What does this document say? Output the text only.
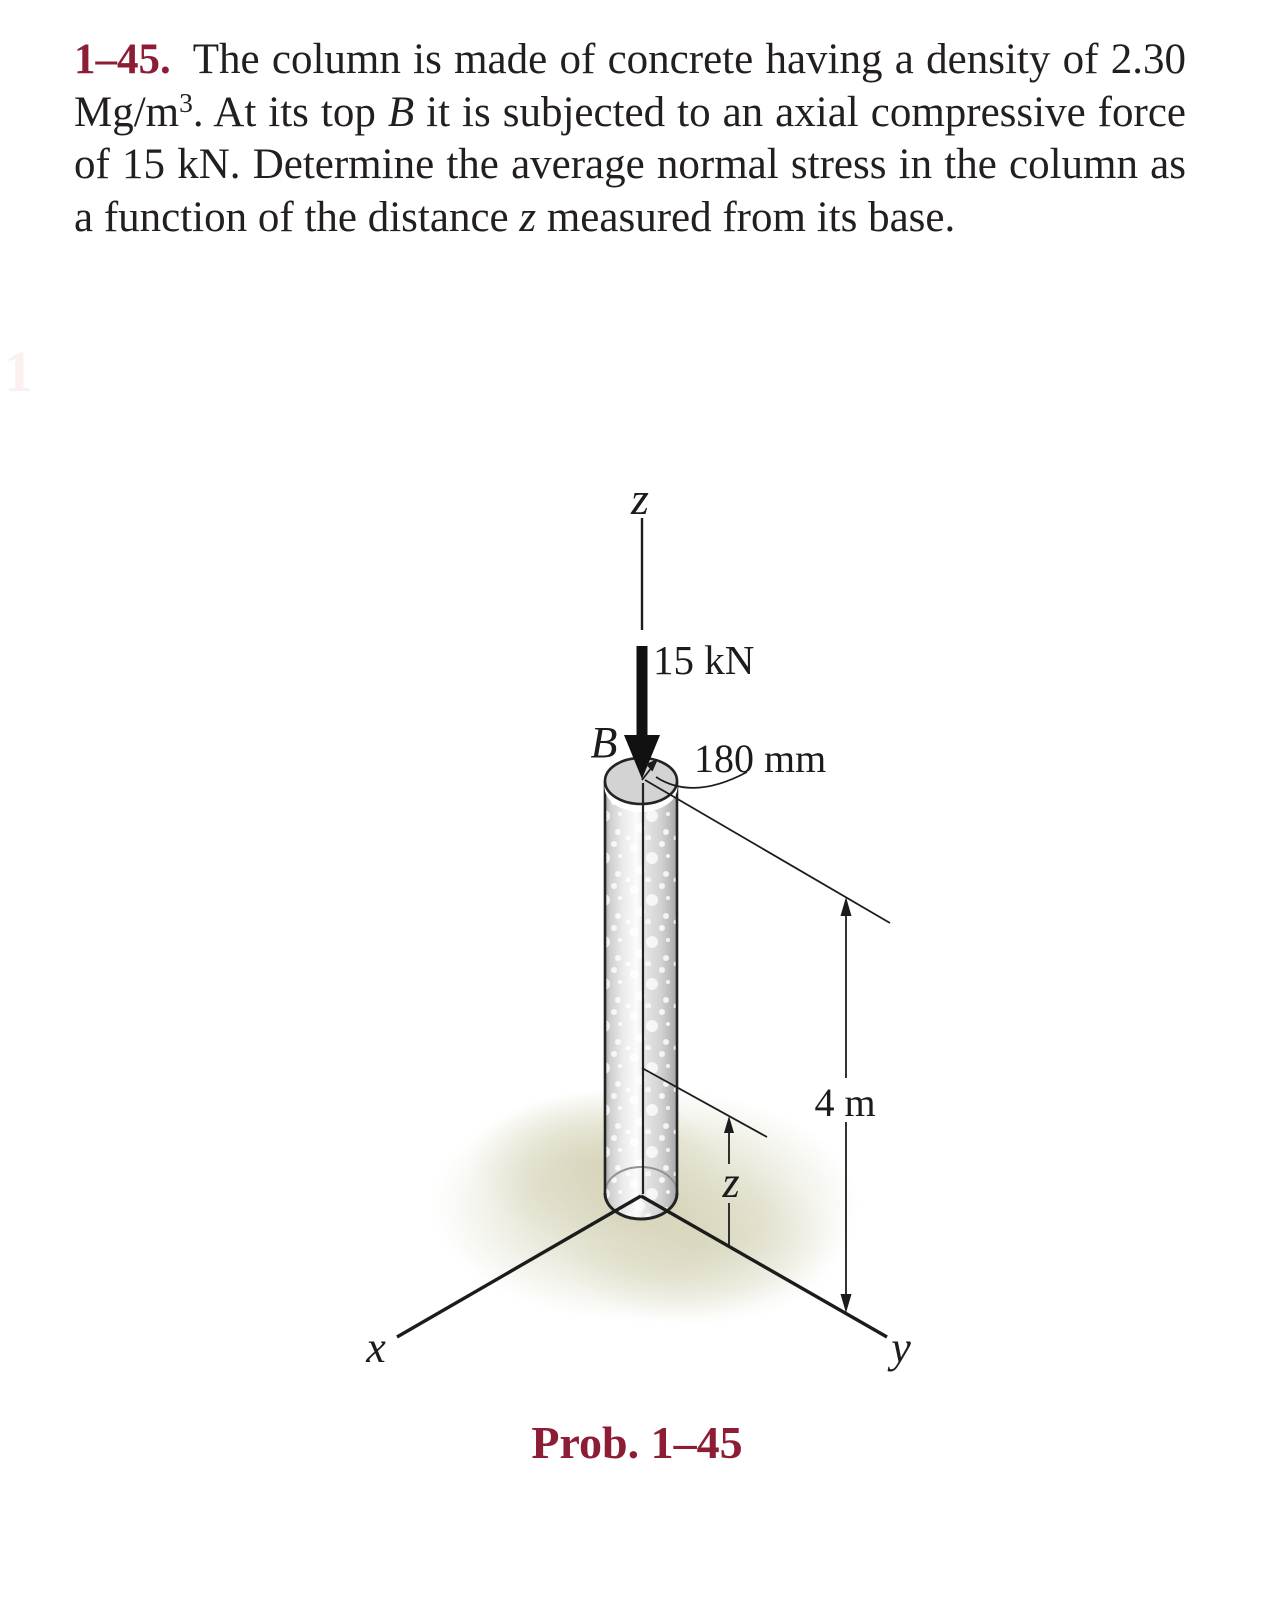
1

1–45. The column is made of concrete having a density of 2.30 $Mg/m^3$. At its top B it is subjected to an axial compressive force of 15 kN. Determine the average normal stress in the column as a function of the distance z measured from its base.

z
15 kN
B 180 mm
4 m
z
x	y
Prob. 1–45
